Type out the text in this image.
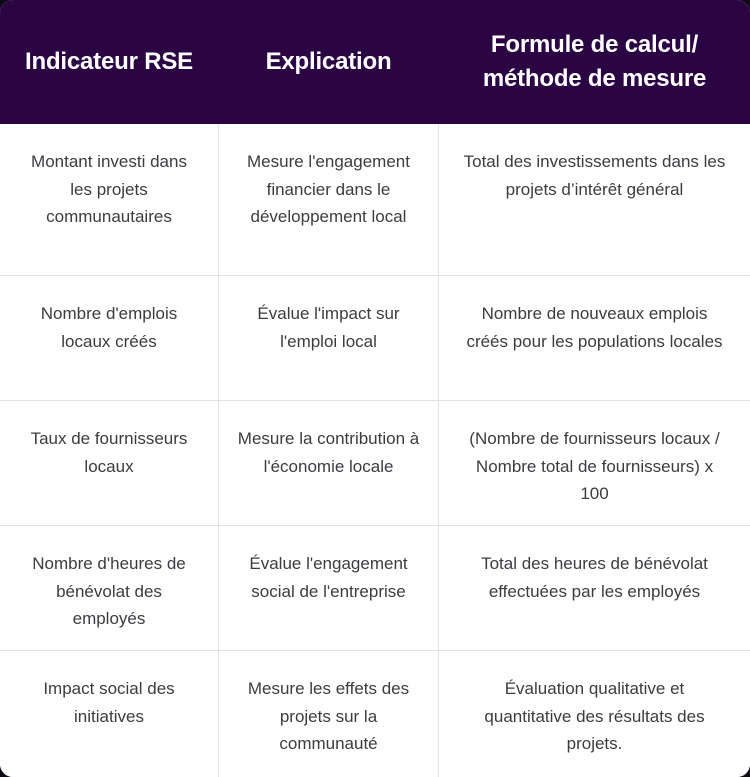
Indicateur RSE	Explication
Formule de calcul/ méthode de mesure
Montant investi dans les projets communautaires
Mesure l'engagement financier dans le développement local
Total des investissements dans les projets d’intérêt général
Nombre d'emplois locaux créés
Évalue l'impact sur l'emploi local
Nombre de nouveaux emplois créés pour les populations locales
Taux de fournisseurs locaux
Mesure la contribution à l'économie locale
(Nombre de fournisseurs locaux / Nombre total de fournisseurs) x 100
Nombre d'heures de bénévolat des employés
Évalue l'engagement social de l'entreprise
Total des heures de bénévolat effectuées par les employés
Impact social des initiatives
Mesure les effets des projets sur la communauté
Évaluation qualitative et quantitative des résultats des projets.
